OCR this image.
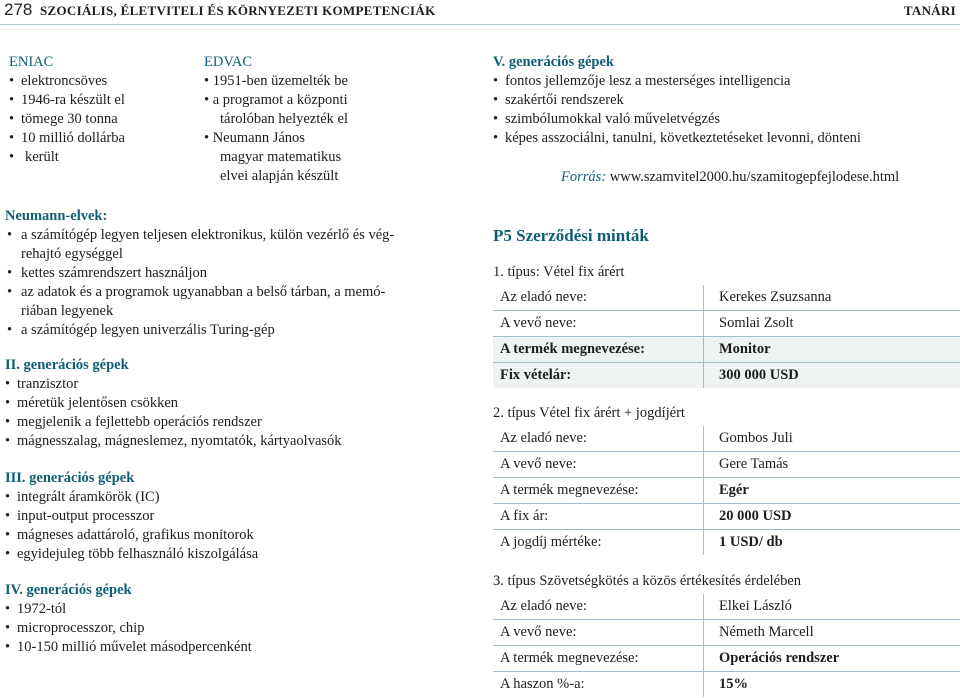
278 SZOCIÁLIS, ÉLETVITELI ÉS KÖRNYEZETI KOMPETENCIÁK	TANÁRI
ENIAC
• elektroncsöves
• 1946-ra készült el
• tömege 30 tonna
• 10 millió dollárba
• került
EDVAC
• 1951-ben üzemelték be
• a programot a központi
tárolóban helyezték el
• Neumann János
magyar matematikus
elvei alapján készült
Neumann-elvek:
• a számítógép legyen teljesen elektronikus, külön vezérlő és vég-
rehajtó egységgel
• kettes számrendszert használjon
• az adatok és a programok ugyanabban a belső tárban, a memó-
riában legyenek
• a számítógép legyen univerzális Turing-gép
II. generációs gépek
• tranzisztor
• méretük jelentősen csökken
• megjelenik a fejlettebb operációs rendszer
• mágnesszalag, mágneslemez, nyomtatók, kártyaolvasók
III. generációs gépek
• integrált áramkörök (IC)
• input-output processzor
• mágneses adattároló, grafikus monitorok
• egyidejuleg több felhasználó kiszolgálása
IV. generációs gépek
• 1972-tól
• microprocesszor, chip
• 10-150 millió művelet másodpercenként
V. generációs gépek
• fontos jellemzője lesz a mesterséges intelligencia
• szakértői rendszerek
• szimbólumokkal való műveletvégzés
• képes asszociálni, tanulni, következtetéseket levonni, dönteni
Forrás: www.szamvitel2000.hu/szamitogepfejlodese.html
P5 Szerződési minták
1. típus: Vétel fix árért
Az eladó neve:	Kerekes Zsuzsanna
A vevő neve:	Somlai Zsolt
A termék megnevezése:	Monitor
Fix vételár:	300 000 USD
2. típus Vétel fix árért + jogdíjért
Az eladó neve:	Gombos Juli
A vevő neve:	Gere Tamás
A termék megnevezése:	Egér
A fix ár:	20 000 USD
A jogdíj mértéke:	1 USD/ db
3. típus Szövetségkötés a közös értékesítés érdelében
Az eladó neve:	Elkei László
A vevő neve:	Németh Marcell
A termék megnevezése:	Operációs rendszer
A haszon %-a:	15%
